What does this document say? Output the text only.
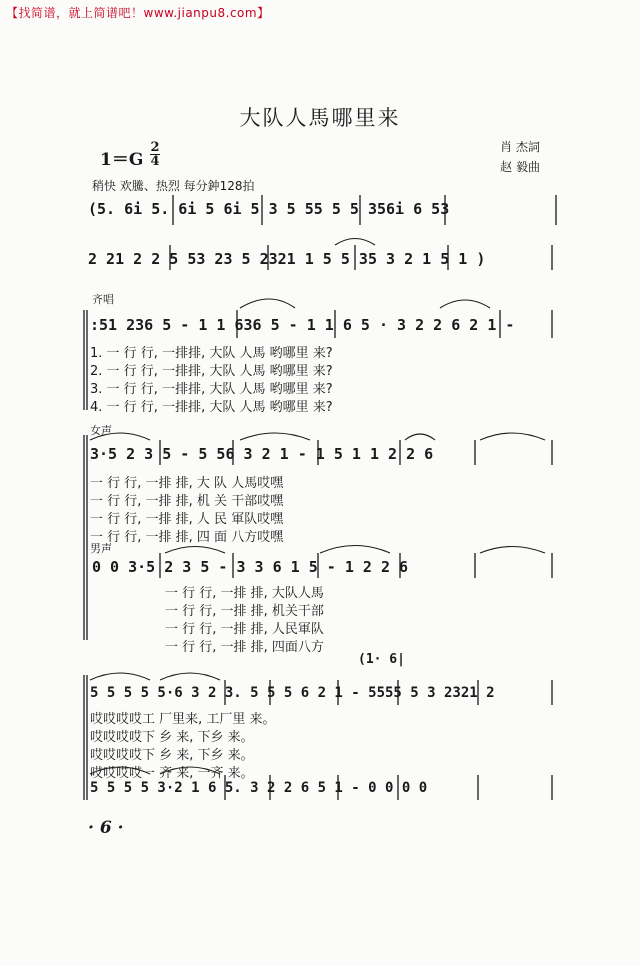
【找简谱，就上简谱吧！www.jianpu8.com】
大队人馬哪里来
肖 杰詞
赵 毅曲
1＝G
2
4
稍快 欢騰、热烈 每分鈡128拍
(5. 6i 5. 6i 5 6i 5 3 5 55 5 5 356i 6 53
2 21 2 2 5 53 23 5 2321 1 5 5 35 3 2 1 5 1 )
齐唱
:51 236 5 - 1 1 636 5 - 1 1 6 5 · 3 2 2 6 2 1 -
1. 一 行 行, 一排排, 大队 人馬 哟哪里 来?
2. 一 行 行, 一排排, 大队 人馬 哟哪里 来?
3. 一 行 行, 一排排, 大队 人馬 哟哪里 来?
4. 一 行 行, 一排排, 大队 人馬 哟哪里 来?
女声
3·5 2 3 5 - 5 56 3 2 1 - 1 5 1 1 2 2 6
一 行 行, 一排 排, 大 队 人馬哎嘿
一 行 行, 一排 排, 机 关 干部哎嘿
一 行 行, 一排 排, 人 民 軍队哎嘿
一 行 行, 一排 排, 四 面 八方哎嘿
男声
0 0 3·5 2 3 5 - 3 3 6 1 5 - 1 2 2 6
一 行 行, 一排 排, 大队人馬
一 行 行, 一排 排, 机关干部
一 行 行, 一排 排, 人民軍队
一 行 行, 一排 排, 四面八方
(1· 6|
5 5 5 5 5·6 3 2 3. 5 5 5 6 2 1 - 5555 5 3 2321 2
哎哎哎哎工 厂里来, 工厂里 来。
哎哎哎哎下 乡 来, 下乡 来。
哎哎哎哎下 乡 来, 下乡 来。
哎哎哎哎一 齐 来, 一齐 来。
5 5 5 5 3·2 1 6 5. 3 2 2 6 5 1 - 0 0 0 0
· 6 ·
